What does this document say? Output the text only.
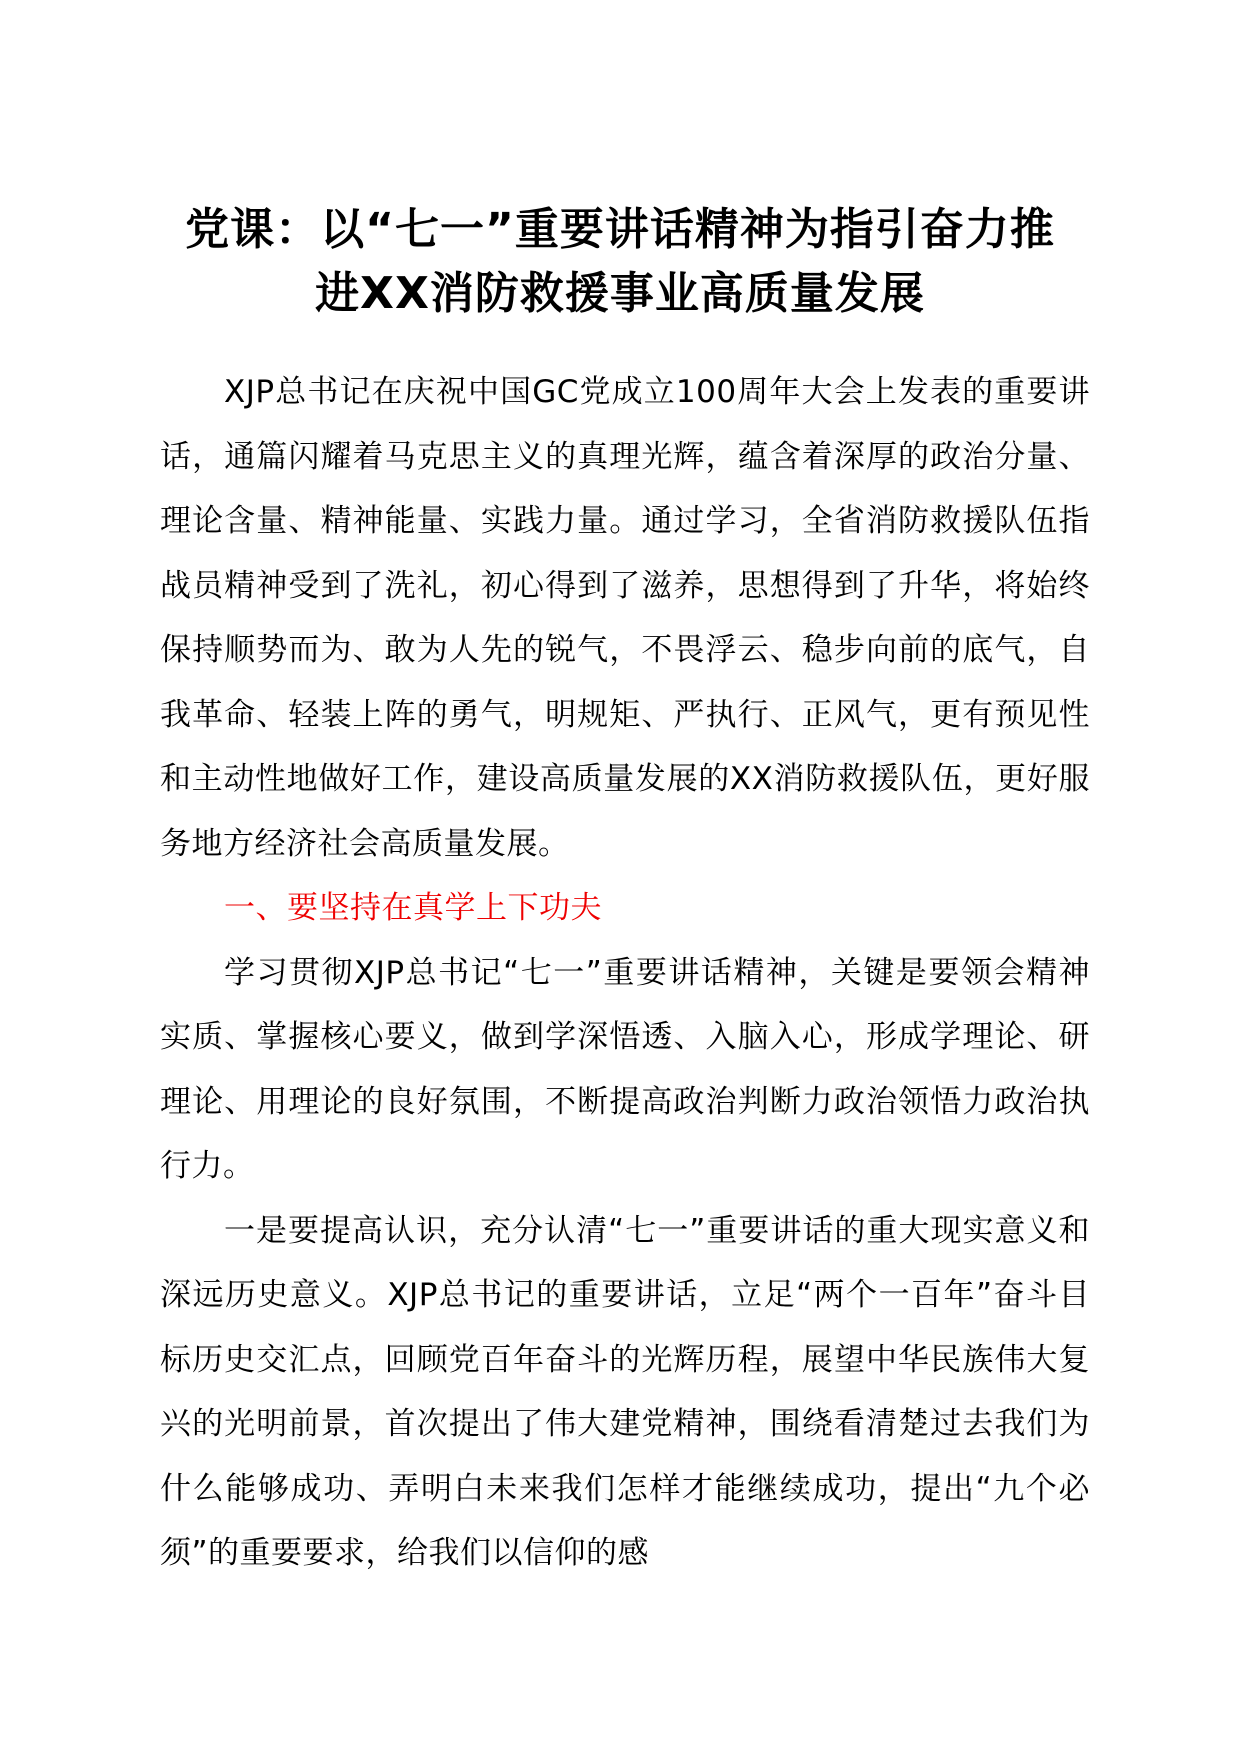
党课：以“七一”重要讲话精神为指引奋力推
进XX消防救援事业高质量发展

XJP总书记在庆祝中国GC党成立100周年大会上发表的重要讲话，通篇闪耀着马克思主义的真理光辉，蕴含着深厚的政治分量、理论含量、精神能量、实践力量。通过学习，全省消防救援队伍指战员精神受到了洗礼，初心得到了滋养，思想得到了升华，将始终保持顺势而为、敢为人先的锐气，不畏浮云、稳步向前的底气，自我革命、轻装上阵的勇气，明规矩、严执行、正风气，更有预见性和主动性地做好工作，建设高质量发展的XX消防救援队伍，更好服务地方经济社会高质量发展。

一、要坚持在真学上下功夫

学习贯彻XJP总书记“七一”重要讲话精神，关键是要领会精神实质、掌握核心要义，做到学深悟透、入脑入心，形成学理论、研理论、用理论的良好氛围，不断提高政治判断力政治领悟力政治执行力。

一是要提高认识，充分认清“七一”重要讲话的重大现实意义和深远历史意义。XJP总书记的重要讲话，立足“两个一百年”奋斗目标历史交汇点，回顾党百年奋斗的光辉历程，展望中华民族伟大复兴的光明前景，首次提出了伟大建党精神，围绕看清楚过去我们为什么能够成功、弄明白未来我们怎样才能继续成功，提出“九个必须”的重要要求，给我们以信仰的感
